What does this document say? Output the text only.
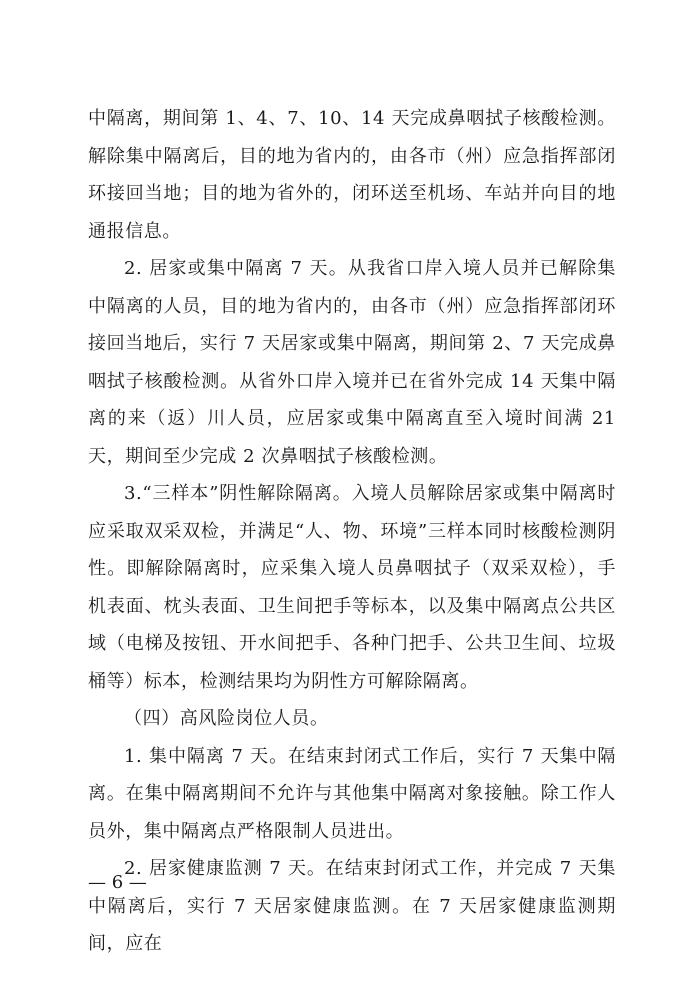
中隔离，期间第 1、4、7、10、14 天完成鼻咽拭子核酸检测。解除集中隔离后，目的地为省内的，由各市（州）应急指挥部闭环接回当地；目的地为省外的，闭环送至机场、车站并向目的地通报信息。

2. 居家或集中隔离 7 天。从我省口岸入境人员并已解除集中隔离的人员，目的地为省内的，由各市（州）应急指挥部闭环接回当地后，实行 7 天居家或集中隔离，期间第 2、7 天完成鼻咽拭子核酸检测。从省外口岸入境并已在省外完成 14 天集中隔离的来（返）川人员，应居家或集中隔离直至入境时间满 21 天，期间至少完成 2 次鼻咽拭子核酸检测。

3.“三样本”阴性解除隔离。入境人员解除居家或集中隔离时应采取双采双检，并满足“人、物、环境”三样本同时核酸检测阴性。即解除隔离时，应采集入境人员鼻咽拭子（双采双检），手机表面、枕头表面、卫生间把手等标本，以及集中隔离点公共区域（电梯及按钮、开水间把手、各种门把手、公共卫生间、垃圾桶等）标本，检测结果均为阴性方可解除隔离。

（四）高风险岗位人员。

1. 集中隔离 7 天。在结束封闭式工作后，实行 7 天集中隔离。在集中隔离期间不允许与其他集中隔离对象接触。除工作人员外，集中隔离点严格限制人员进出。

2. 居家健康监测 7 天。在结束封闭式工作，并完成 7 天集中隔离后，实行 7 天居家健康监测。在 7 天居家健康监测期间，应在

— 6 —
